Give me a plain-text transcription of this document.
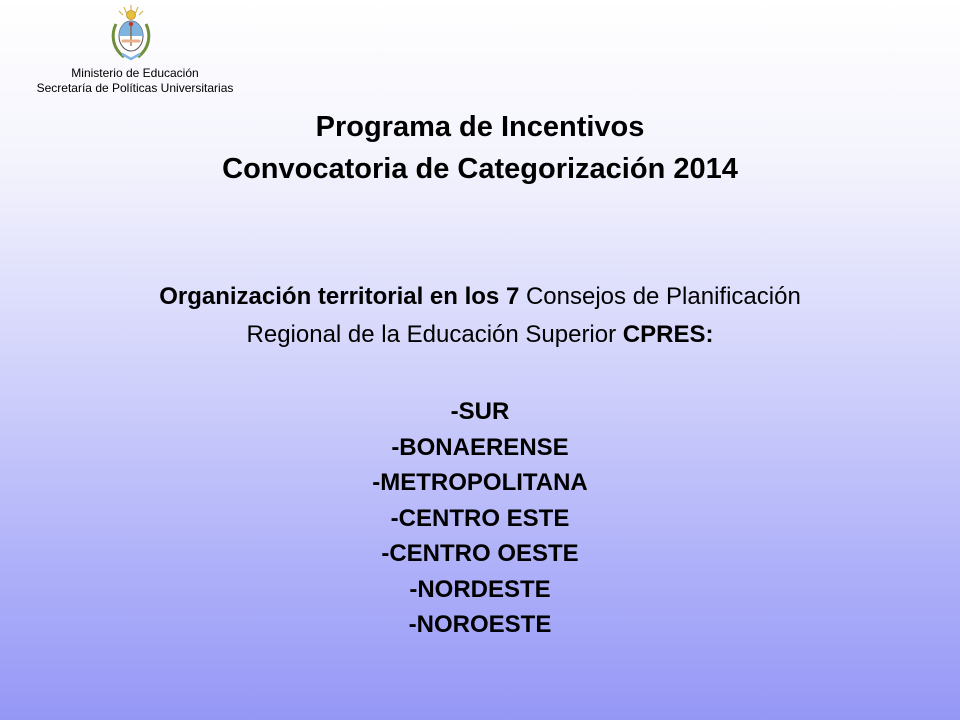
Ministerio de Educación
Secretaría de Políticas Universitarias
Programa de Incentivos
Convocatoria de Categorización 2014
Organización territorial en los 7 Consejos de Planificación
Regional de la Educación Superior CPRES:
-SUR
-BONAERENSE
-METROPOLITANA
-CENTRO ESTE
-CENTRO OESTE
-NORDESTE
-NOROESTE
